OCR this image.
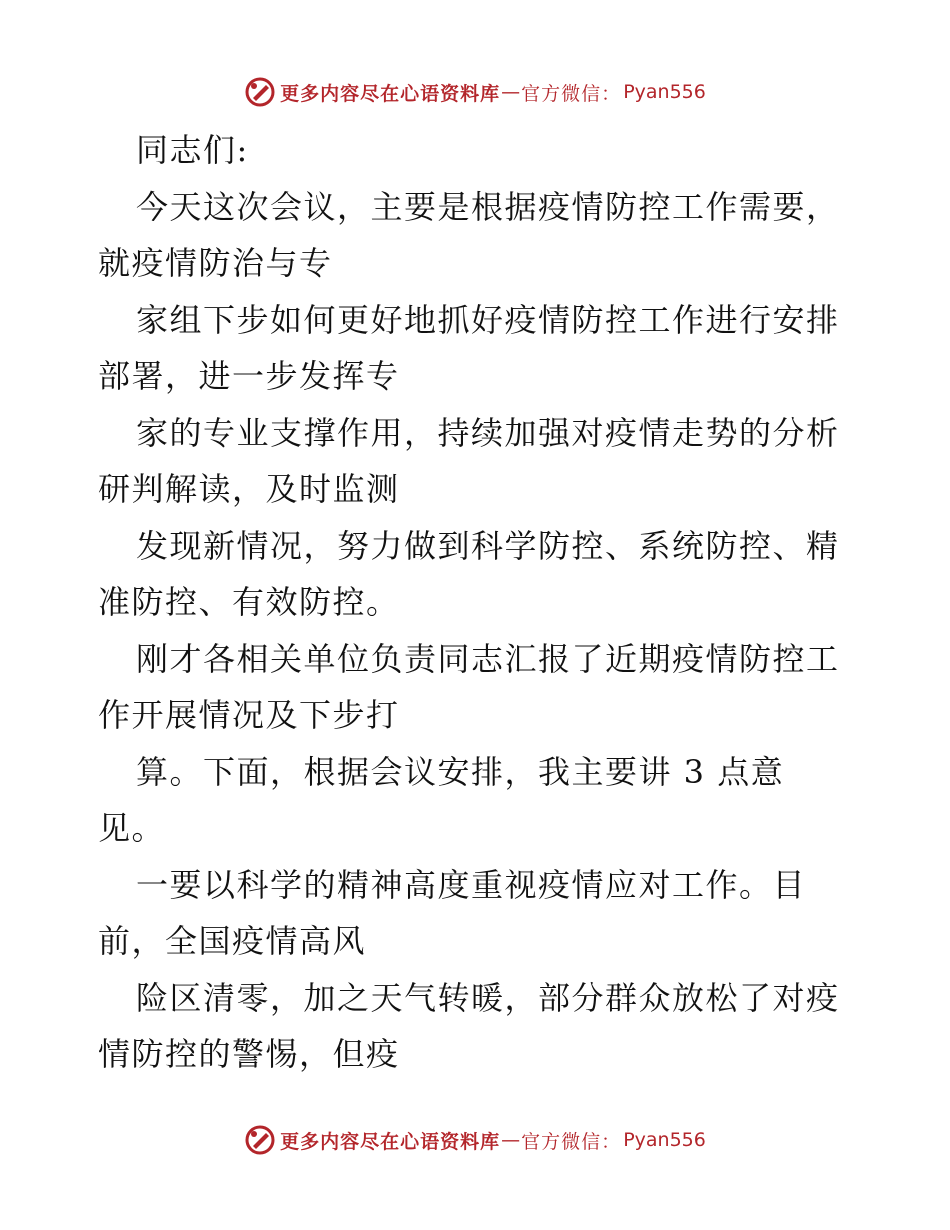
更多内容尽在心语资料库 — 官方微信： Pyan556
同志们:
今天这次会议，主要是根据疫情防控工作需要，
就疫情防治与专
家组下步如何更好地抓好疫情防控工作进行安排
部署，进一步发挥专
家的专业支撑作用，持续加强对疫情走势的分析
研判解读，及时监测
发现新情况，努力做到科学防控、系统防控、精
准防控、有效防控。
刚才各相关单位负责同志汇报了近期疫情防控工
作开展情况及下步打
算。下面，根据会议安排，我主要讲 3 点意
见。
一要以科学的精神高度重视疫情应对工作。目
前，全国疫情高风
险区清零，加之天气转暖，部分群众放松了对疫
情防控的警惕，但疫
更多内容尽在心语资料库 — 官方微信： Pyan556
